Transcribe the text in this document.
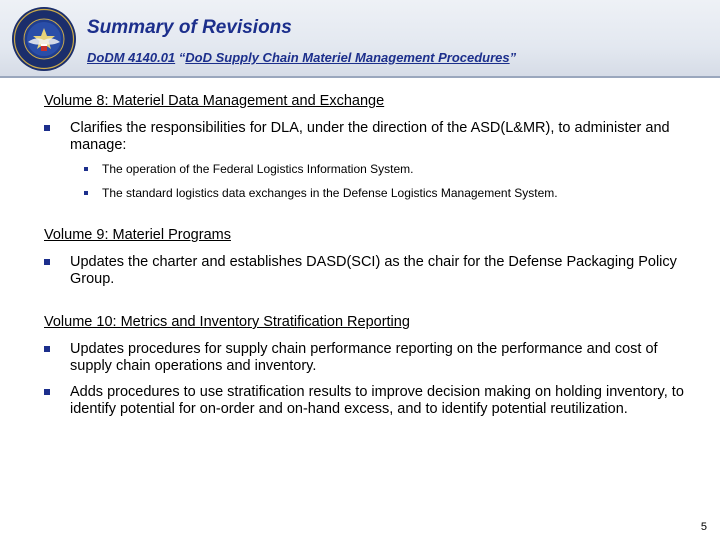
Summary of Revisions
DoDM 4140.01 “DoD Supply Chain Materiel Management Procedures”

Volume 8: Materiel Data Management and Exchange

Clarifies the responsibilities for DLA, under the direction of the ASD(L&MR), to administer and manage:
The operation of the Federal Logistics Information System.
The standard logistics data exchanges in the Defense Logistics Management System.

Volume 9: Materiel Programs

Updates the charter and establishes DASD(SCI) as the chair for the Defense Packaging Policy Group.

Volume 10: Metrics and Inventory Stratification Reporting

Updates procedures for supply chain performance reporting on the performance and cost of supply chain operations and inventory.
Adds procedures to use stratification results to improve decision making on holding inventory, to identify potential for on-order and on-hand excess, and to identify potential reutilization.
5
